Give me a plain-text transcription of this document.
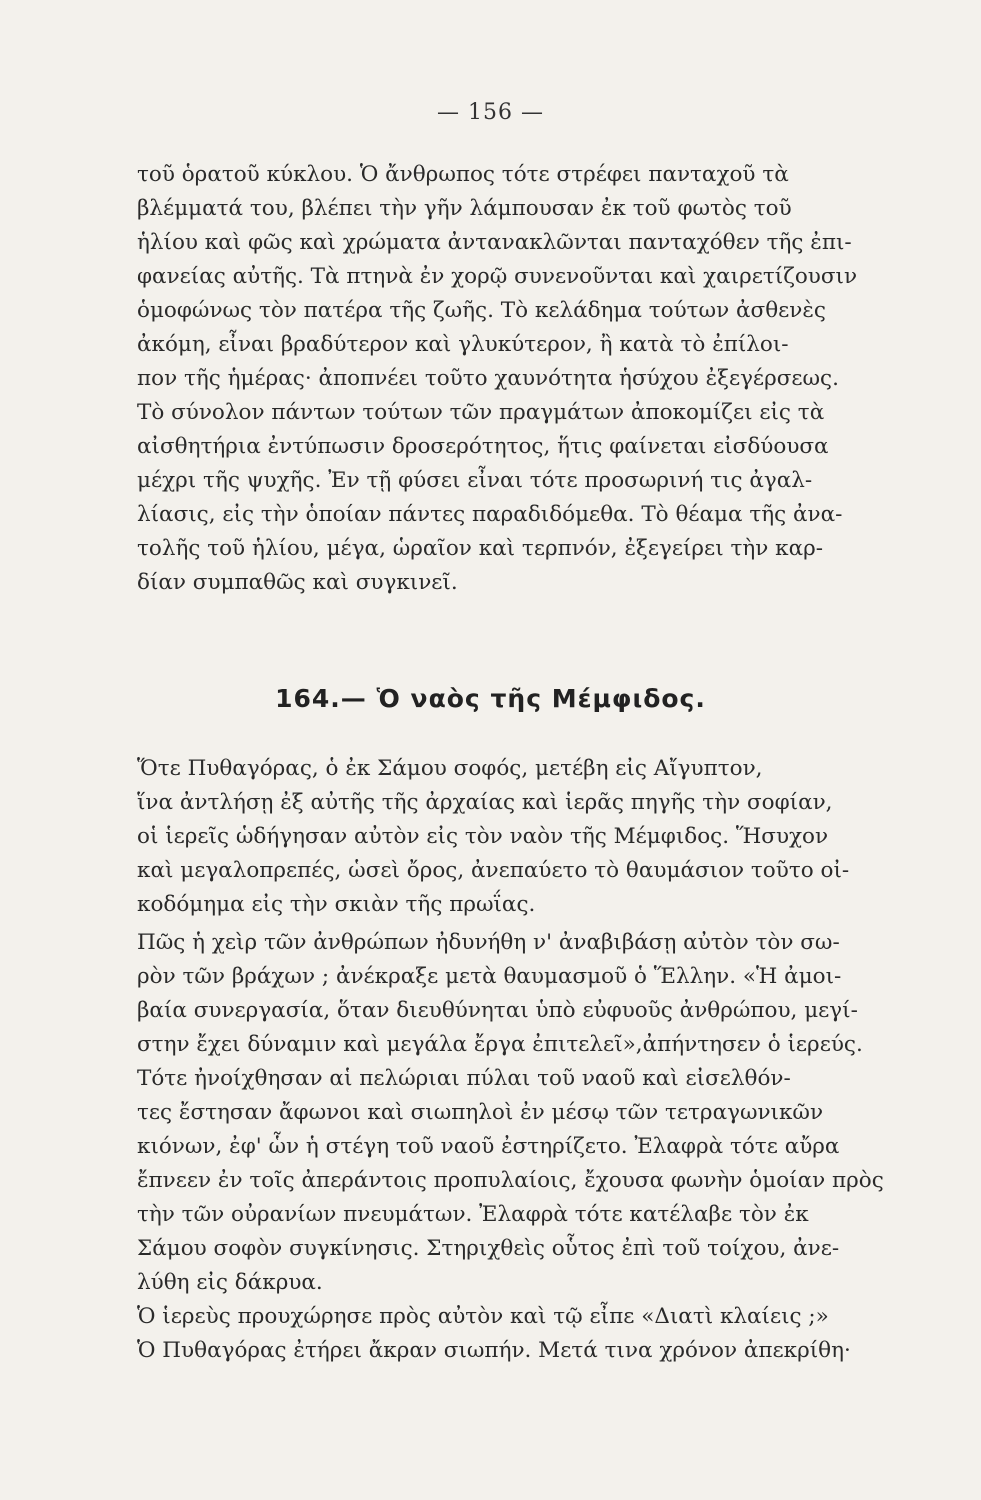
— 156 —
τοῦ ὁρατοῦ κύκλου. Ὁ ἄνθρωπος τότε στρέφει πανταχοῦ τὰ
βλέμματά του, βλέπει τὴν γῆν λάμπουσαν ἐκ τοῦ φωτὸς τοῦ
ἡλίου καὶ φῶς καὶ χρώματα ἀντανακλῶνται πανταχόθεν τῆς ἐπι-
φανείας αὐτῆς. Τὰ πτηνὰ ἐν χορῷ συνενοῦνται καὶ χαιρετίζουσιν
ὁμοφώνως τὸν πατέρα τῆς ζωῆς. Τὸ κελάδημα τούτων ἀσθενὲς
ἀκόμη, εἶναι βραδύτερον καὶ γλυκύτερον, ἢ κατὰ τὸ ἐπίλοι-
πον τῆς ἡμέρας· ἀποπνέει τοῦτο χαυνότητα ἡσύχου ἐξεγέρσεως.
Τὸ σύνολον πάντων τούτων τῶν πραγμάτων ἀποκομίζει εἰς τὰ
αἰσθητήρια ἐντύπωσιν δροσερότητος, ἥτις φαίνεται εἰσδύουσα
μέχρι τῆς ψυχῆς. Ἐν τῇ φύσει εἶναι τότε προσωρινή τις ἀγαλ-
λίασις, εἰς τὴν ὁποίαν πάντες παραδιδόμεθα. Τὸ θέαμα τῆς ἀνα-
τολῆς τοῦ ἡλίου, μέγα, ὡραῖον καὶ τερπνόν, ἐξεγείρει τὴν καρ-
δίαν συμπαθῶς καὶ συγκινεῖ.
164.— Ὁ ναὸς τῆς Μέμφιδος.
Ὅτε Πυθαγόρας, ὁ ἐκ Σάμου σοφός, μετέβη εἰς Αἴγυπτον,
ἵνα ἀντλήσῃ ἐξ αὐτῆς τῆς ἀρχαίας καὶ ἱερᾶς πηγῆς τὴν σοφίαν,
οἱ ἱερεῖς ὡδήγησαν αὐτὸν εἰς τὸν ναὸν τῆς Μέμφιδος. Ἥσυχον
καὶ μεγαλοπρεπές, ὡσεὶ ὄρος, ἀνεπαύετο τὸ θαυμάσιον τοῦτο οἰ-
κοδόμημα εἰς τὴν σκιὰν τῆς πρωΐας.
Πῶς ἡ χεὶρ τῶν ἀνθρώπων ἠδυνήθη ν' ἀναβιβάσῃ αὐτὸν τὸν σω-
ρὸν τῶν βράχων ; ἀνέκραξε μετὰ θαυμασμοῦ ὁ Ἕλλην. «Ἡ ἀμοι-
βαία συνεργασία, ὅταν διευθύνηται ὑπὸ εὐφυοῦς ἀνθρώπου, μεγί-
στην ἔχει δύναμιν καὶ μεγάλα ἔργα ἐπιτελεῖ»,ἀπήντησεν ὁ ἱερεύς.
Τότε ἠνοίχθησαν αἱ πελώριαι πύλαι τοῦ ναοῦ καὶ εἰσελθόν-
τες ἔστησαν ἄφωνοι καὶ σιωπηλοὶ ἐν μέσῳ τῶν τετραγωνικῶν
κιόνων, ἐφ' ὧν ἡ στέγη τοῦ ναοῦ ἐστηρίζετο. Ἐλαφρὰ τότε αὔρα
ἔπνεεν ἐν τοῖς ἀπεράντοις προπυλαίοις, ἔχουσα φωνὴν ὁμοίαν πρὸς
τὴν τῶν οὐρανίων πνευμάτων. Ἐλαφρὰ τότε κατέλαβε τὸν ἐκ
Σάμου σοφὸν συγκίνησις. Στηριχθεὶς οὗτος ἐπὶ τοῦ τοίχου, ἀνε-
λύθη εἰς δάκρυα.
Ὁ ἱερεὺς προυχώρησε πρὸς αὐτὸν καὶ τῷ εἶπε «Διατὶ κλαίεις ;»
Ὁ Πυθαγόρας ἐτήρει ἄκραν σιωπήν. Μετά τινα χρόνον ἀπεκρίθη·
